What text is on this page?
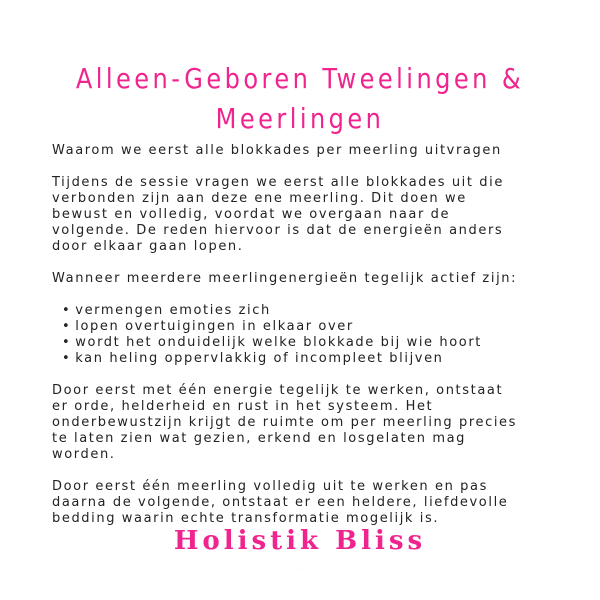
Alleen-Geboren Tweelingen &
Meerlingen

Waarom we eerst alle blokkades per meerling uitvragen

Tijdens de sessie vragen we eerst alle blokkades uit die
verbonden zijn aan deze ene meerling. Dit doen we
bewust en volledig, voordat we overgaan naar de
volgende. De reden hiervoor is dat de energieën anders
door elkaar gaan lopen.

Wanneer meerdere meerlingenergieën tegelijk actief zijn:

• vermengen emoties zich
• lopen overtuigingen in elkaar over
• wordt het onduidelijk welke blokkade bij wie hoort
• kan heling oppervlakkig of incompleet blijven

Door eerst met één energie tegelijk te werken, ontstaat
er orde, helderheid en rust in het systeem. Het
onderbewustzijn krijgt de ruimte om per meerling precies
te laten zien wat gezien, erkend en losgelaten mag
worden.

Door eerst één meerling volledig uit te werken en pas
daarna de volgende, ontstaat er een heldere, liefdevolle
bedding waarin echte transformatie mogelijk is.

Holistik Bliss
· · ·
